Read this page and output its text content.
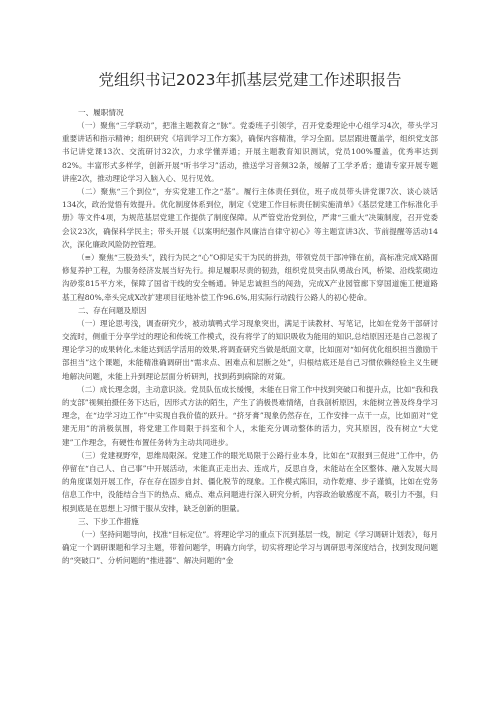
党组织书记2023年抓基层党建工作述职报告

一、履职情况

（一）聚焦“三学联动”，把准主题教育之“脉”。党委班子引领学，召开党委理论中心组学习4次，带头学习重要讲话和指示精神；组织研究《培训学习工作方案》，确保内容精准，学习全面。层层跟进覆盖学，组织党支部书记讲党课13次、交流研讨32次，力求学懂弄通；开展主题教育知识测试，党员100%覆盖，优秀率达到82%。丰富形式多样学，创新开展“听书学习”活动，推送学习音频32条，缓解了工学矛盾；邀请专家开展专题讲座2次，推动理论学习入脑入心、见行见效。

（二）聚焦“三个到位”，夯实党建工作之“基”。履行主体责任到位，班子成员带头讲党课7次、谈心谈话134次，政治觉悟有效提升。优化制度体系到位，制定《党建工作目标责任制实施清单》《基层党建工作标准化手册》等文件4项，为规范基层党建工作提供了制度保障。从严管党治党到位，严肃“三重大”决策制度，召开党委会议23次，确保科学民主；带头开展《以案明纪强作风廉洁自律守初心》等主题宣讲3次、节前提醒等活动14次，深化廉政风险防控管理。

（≡）聚焦“三股劲头”，践行为民之“心”O抑足实干为民的拼劲，带领党员干部冲锋在前，高标准完成X路面修复养护工程，为服务经济发展当好先行。抑足履职尽责的韧劲，组织党员突击队勇战台风，桥梁、沿线浆砌边沟砂浆815平方米，保障了国省干线的安全畅通。钟足忠诚担当的闯劲，完成X产业园管廊下穿国道施工便道路基工程80%,牵头完成X改扩建项目征地补偿工作96.6%,用实际行动践行公路人的初心使命。

二、存在问题及原因

（一）理论思考浅，调查研究少，被动填鸭式学习现象突出，满足于读教材、写笔记，比如在党务干部研讨交流时，侧重于分享学过的理论和传统工作模式，没有将学了的知识吸收为能用的知识,总结原因还是自己忽视了理论学习的成果转化,未能达到活学活用的效果,将调查研究当做是纸面文章，比如面对“如何优化组织担当激励干部担当”这个课题，未能精准确调研出“需求点、困难点和层断之处”，归根结底还是自己习惯依赖经验主义生硬地解决问题，未能上升到理论层面分析研判，找到药到病除的对策。

（二）成长理念弱，主动意识淡。党员队伍成长缓慢，未能在日常工作中找到突破口和提升点，比如“我和我的支部”视频拍摄任务下达后，因形式方法的陌生，产生了消极畏难情绪，自我剖析原因，未能树立善及终身学习理念，在“边学习边工作”中实现自我价值的跃升。“挤牙膏”现象仍然存在，工作安排一点干一点，比如面对“党建无用”的消极氛围，将党建工作局限于抖室和个人，未能充分调动整体的活力，究其原因，没有树立“大党建”工作理念，有硬性布置任务转为主动共同进步。

（三）党建视野窄，思维局限深。党建工作的眼光局限于公路行业本身，比如在“双报到三促进”工作中，仍停留在“自己人、自己事”中开展活动，未能真正走出去、连成片，反思自身，未能站在全区整体、融入发展大局的角度谋划开展工作，存在存在固步自封、僵化脱节的现象。工作模式陈旧，动作乾瘪、步子谨慎，比如在党务信息工作中，没能结合当下的热点、痛点、难点问题进行深入研究分析，内容政治敏感度不高，吸引力不强，归根到底是在思想上习惯于服从安排，缺乏创新的胆量。

三、下步工作措施

（一）坚持问题导向，找准“目标定位”。将理论学习的重点下沉到基层一线，制定《学习调研计划表》，每月确定一个调研课题和学习主题，带着问题学，明确方向学，切实将理论学习与调研思考深度结合，找到发现问题的“突破口”、分析问题的“推进器”、解决问题的“金
